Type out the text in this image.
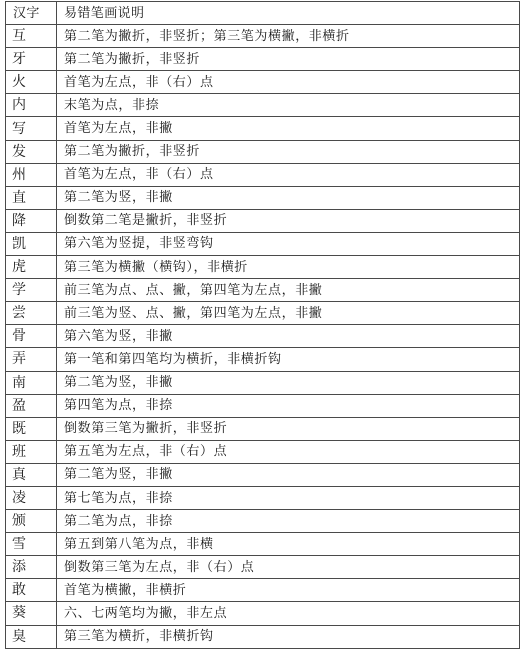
汉字	易错笔画说明
互	第二笔为撇折，非竖折；第三笔为横撇，非横折
牙	第二笔为撇折，非竖折
火	首笔为左点，非（右）点
内	末笔为点，非捺
写	首笔为左点，非撇
发	第二笔为撇折，非竖折
州	首笔为左点，非（右）点
直	第二笔为竖，非撇
降	倒数第二笔是撇折，非竖折
凯	第六笔为竖提，非竖弯钩
虎	第三笔为横撇（横钩），非横折
学	前三笔为点、点、撇，第四笔为左点，非撇
尝	前三笔为竖、点、撇，第四笔为左点，非撇
骨	第六笔为竖，非撇
弄	第一笔和第四笔均为横折，非横折钩
南	第二笔为竖，非撇
盈	第四笔为点，非捺
既	倒数第三笔为撇折，非竖折
班	第五笔为左点，非（右）点
真	第二笔为竖，非撇
凌	第七笔为点，非捺
颁	第二笔为点，非捺
雪	第五到第八笔为点，非横
添	倒数第三笔为左点，非（右）点
敢	首笔为横撇，非横折
葵	六、七两笔均为撇，非左点
臭	第三笔为横折，非横折钩
